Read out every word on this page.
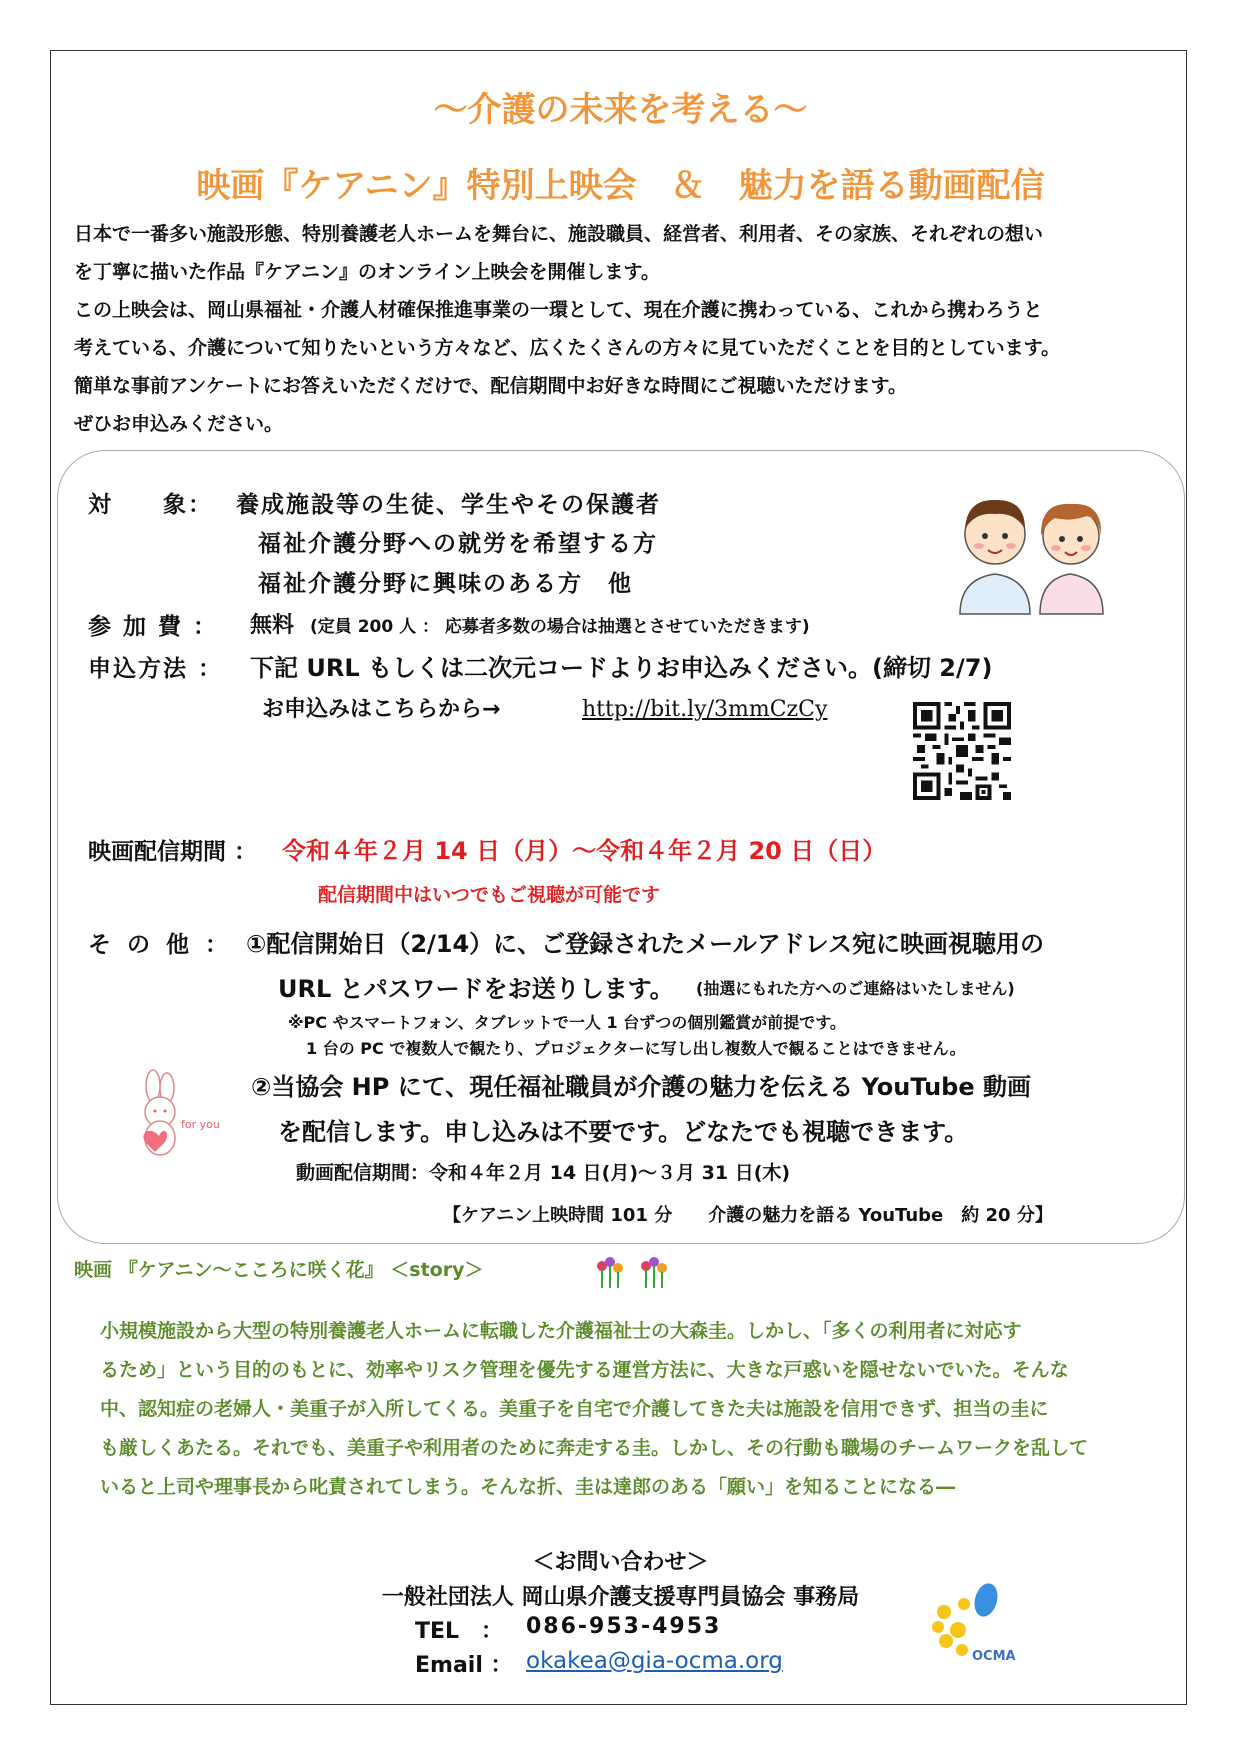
〜介護の未来を考える〜
映画『ケアニン』特別上映会　＆　魅力を語る動画配信
日本で一番多い施設形態、特別養護老人ホームを舞台に、施設職員、経営者、利用者、その家族、それぞれの想い
を丁寧に描いた作品『ケアニン』のオンライン上映会を開催します。
この上映会は、岡山県福祉・介護人材確保推進事業の一環として、現在介護に携わっている、これから携わろうと
考えている、介護について知りたいという方々など、広くたくさんの方々に見ていただくことを目的としています。
簡単な事前アンケートにお答えいただくだけで、配信期間中お好きな時間にご視聴いただけます。
ぜひお申込みください。
対　　象： 養成施設等の生徒、学生やその保護者
福祉介護分野への就労を希望する方
福祉介護分野に興味のある方　他
参 加 費 ： 無料 (定員 200 人 ： 応募者多数の場合は抽選とさせていただきます)
申込方法 ： 下記 URL もしくは二次元コードよりお申込みください。(締切 2/7)
お申込みはこちらから→	http://bit.ly/3mmCzCy
映画配信期間 ： 令和４年２月 14 日（月）〜令和４年２月 20 日（日）
配信期間中はいつでもご視聴が可能です
そ の 他 ： ①配信開始日（2/14）に、ご登録されたメールアドレス宛に映画視聴用の
URL とパスワードをお送りします。 (抽選にもれた方へのご連絡はいたしません)
※PC やスマートフォン、タブレットで一人 1 台ずつの個別鑑賞が前提です。
1 台の PC で複数人で観たり、プロジェクターに写し出し複数人で観ることはできません。
for you
②当協会 HP にて、現任福祉職員が介護の魅力を伝える YouTube 動画
を配信します。申し込みは不要です。どなたでも視聴できます。
動画配信期間：令和４年２月 14 日(月)〜３月 31 日(木)
【ケアニン上映時間 101 分　　介護の魅力を語る YouTube　約 20 分】
映画 『ケアニン〜こころに咲く花』 ＜story＞
小規模施設から大型の特別養護老人ホームに転職した介護福祉士の大森圭。しかし、「多くの利用者に対応す
るため」という目的のもとに、効率やリスク管理を優先する運営方法に、大きな戸惑いを隠せないでいた。そんな
中、認知症の老婦人・美重子が入所してくる。美重子を自宅で介護してきた夫は施設を信用できず、担当の圭に
も厳しくあたる。それでも、美重子や利用者のために奔走する圭。しかし、その行動も職場のチームワークを乱して
いると上司や理事長から叱責されてしまう。そんな折、圭は達郎のある「願い」を知ることになる―
＜お問い合わせ＞
一般社団法人 岡山県介護支援専門員協会 事務局
TEL　： 086-953-4953
Email ： okakea@gia-ocma.org	OCMA
